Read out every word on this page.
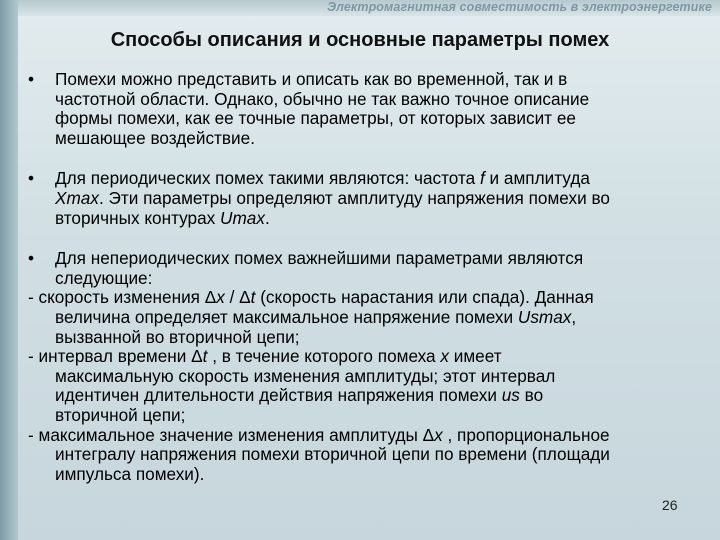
Электромагнитная совместимость в электроэнергетике
Способы описания и основные параметры помех
•	Помехи можно представить и описать как во временной, так и в
частотной области. Однако, обычно не так важно точное описание
формы помехи, как ее точные параметры, от которых зависит ее
мешающее воздействие.
•	Для периодических помех такими являются: частота f и амплитуда
Xmax. Эти параметры определяют амплитуду напряжения помехи во
вторичных контурах Umax.
•	Для непериодических помех важнейшими параметрами являются
следующие:
- скорость изменения Δx / Δt (скорость нарастания или спада). Данная
величина определяет максимальное напряжение помехи Usmax,
вызванной во вторичной цепи;
- интервал времени Δt , в течение которого помеха x имеет
максимальную скорость изменения амплитуды; этот интервал
идентичен длительности действия напряжения помехи us во
вторичной цепи;
- максимальное значение изменения амплитуды Δx , пропорциональное
интегралу напряжения помехи вторичной цепи по времени (площади
импульса помехи).
26
